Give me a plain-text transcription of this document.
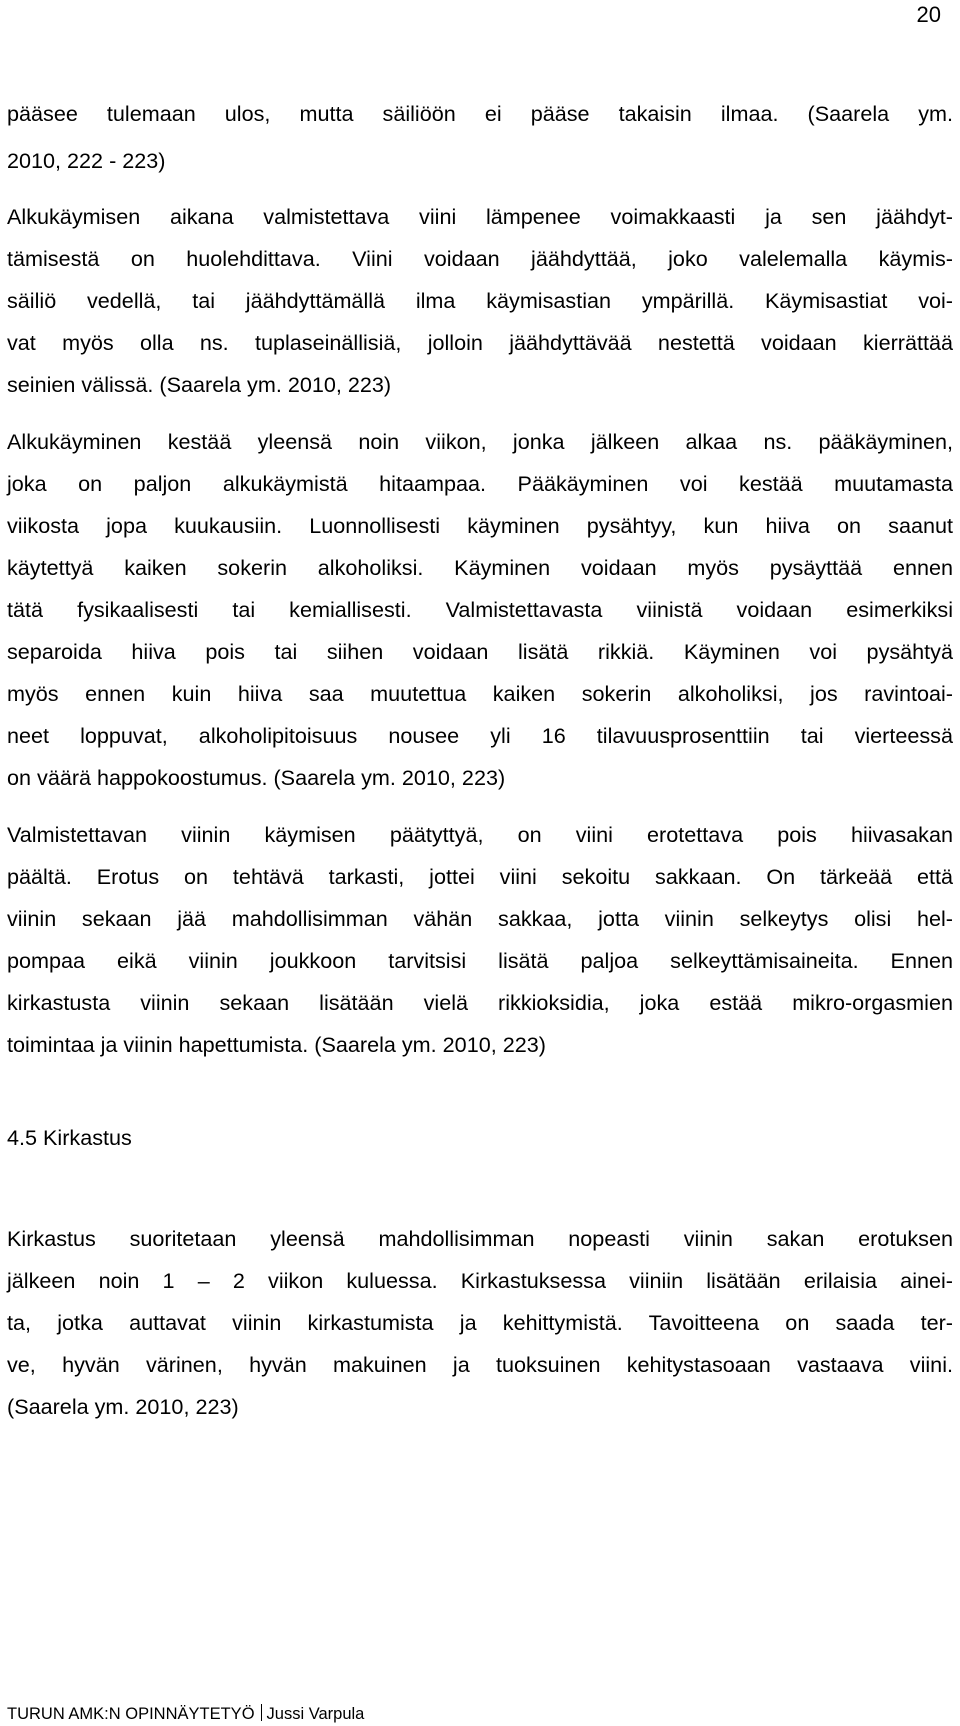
20
pääsee tulemaan ulos, mutta säiliöön ei pääse takaisin ilmaa. (Saarela ym.
2010, 222 - 223)
Alkukäymisen aikana valmistettava viini lämpenee voimakkaasti ja sen jäähdyt-
tämisestä on huolehdittava. Viini voidaan jäähdyttää, joko valelemalla käymis-
säiliö vedellä, tai jäähdyttämällä ilma käymisastian ympärillä. Käymisastiat voi-
vat myös olla ns. tuplaseinällisiä, jolloin jäähdyttävää nestettä voidaan kierrättää
seinien välissä. (Saarela ym. 2010, 223)
Alkukäyminen kestää yleensä noin viikon, jonka jälkeen alkaa ns. pääkäyminen,
joka on paljon alkukäymistä hitaampaa. Pääkäyminen voi kestää muutamasta
viikosta jopa kuukausiin. Luonnollisesti käyminen pysähtyy, kun hiiva on saanut
käytettyä kaiken sokerin alkoholiksi. Käyminen voidaan myös pysäyttää ennen
tätä fysikaalisesti tai kemiallisesti. Valmistettavasta viinistä voidaan esimerkiksi
separoida hiiva pois tai siihen voidaan lisätä rikkiä. Käyminen voi pysähtyä
myös ennen kuin hiiva saa muutettua kaiken sokerin alkoholiksi, jos ravintoai-
neet loppuvat, alkoholipitoisuus nousee yli 16 tilavuusprosenttiin tai vierteessä
on väärä happokoostumus. (Saarela ym. 2010, 223)
Valmistettavan viinin käymisen päätyttyä, on viini erotettava pois hiivasakan
päältä. Erotus on tehtävä tarkasti, jottei viini sekoitu sakkaan. On tärkeää että
viinin sekaan jää mahdollisimman vähän sakkaa, jotta viinin selkeytys olisi hel-
pompaa eikä viinin joukkoon tarvitsisi lisätä paljoa selkeyttämisaineita. Ennen
kirkastusta viinin sekaan lisätään vielä rikkioksidia, joka estää mikro-orgasmien
toimintaa ja viinin hapettumista. (Saarela ym. 2010, 223)
4.5 Kirkastus
Kirkastus suoritetaan yleensä mahdollisimman nopeasti viinin sakan erotuksen
jälkeen noin 1 – 2 viikon kuluessa. Kirkastuksessa viiniin lisätään erilaisia ainei-
ta, jotka auttavat viinin kirkastumista ja kehittymistä. Tavoitteena on saada ter-
ve, hyvän värinen, hyvän makuinen ja tuoksuinen kehitystasoaan vastaava viini.
(Saarela ym. 2010, 223)
TURUN AMK:N OPINNÄYTETYÖ Jussi Varpula
